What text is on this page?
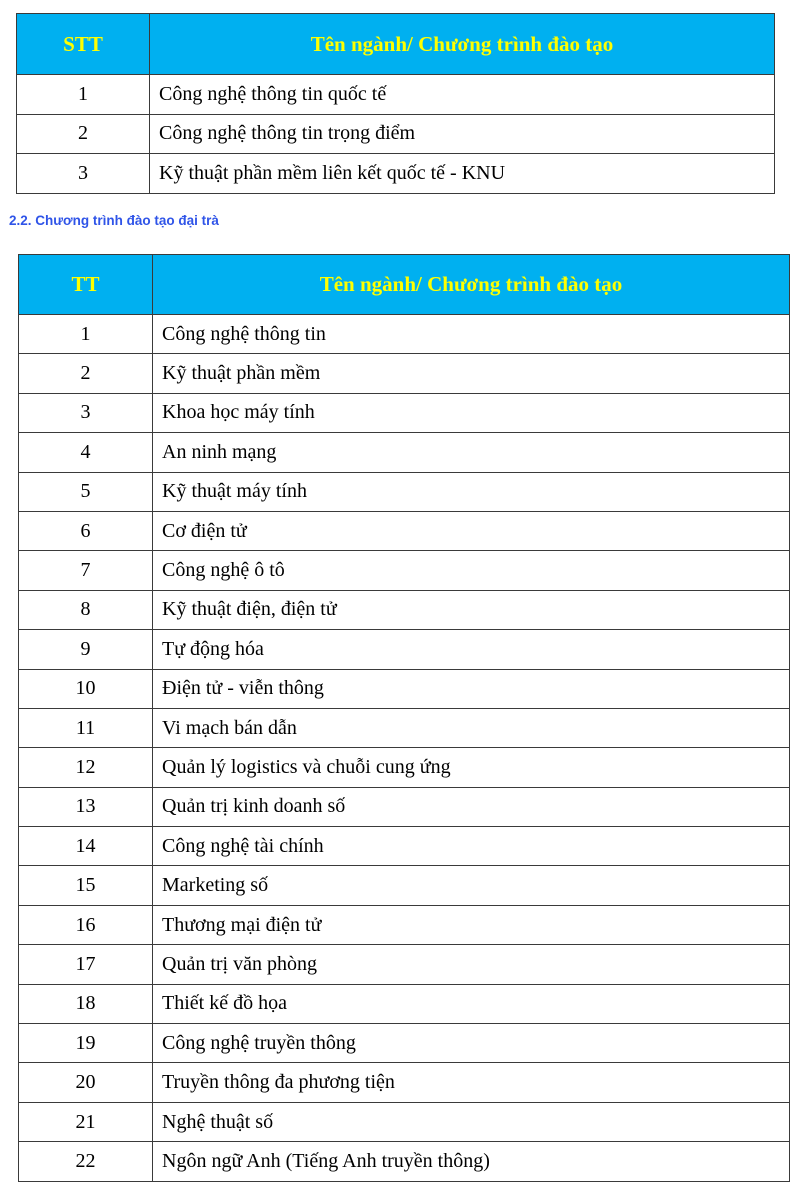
STT	Tên ngành/ Chương trình đào tạo
1	Công nghệ thông tin quốc tế
2	Công nghệ thông tin trọng điểm
3	Kỹ thuật phần mềm liên kết quốc tế - KNU
2.2. Chương trình đào tạo đại trà
TT	Tên ngành/ Chương trình đào tạo
1	Công nghệ thông tin
2	Kỹ thuật phần mềm
3	Khoa học máy tính
4	An ninh mạng
5	Kỹ thuật máy tính
6	Cơ điện tử
7	Công nghệ ô tô
8	Kỹ thuật điện, điện tử
9	Tự động hóa
10	Điện tử - viễn thông
11	Vi mạch bán dẫn
12	Quản lý logistics và chuỗi cung ứng
13	Quản trị kinh doanh số
14	Công nghệ tài chính
15	Marketing số
16	Thương mại điện tử
17	Quản trị văn phòng
18	Thiết kế đồ họa
19	Công nghệ truyền thông
20	Truyền thông đa phương tiện
21	Nghệ thuật số
22	Ngôn ngữ Anh (Tiếng Anh truyền thông)
